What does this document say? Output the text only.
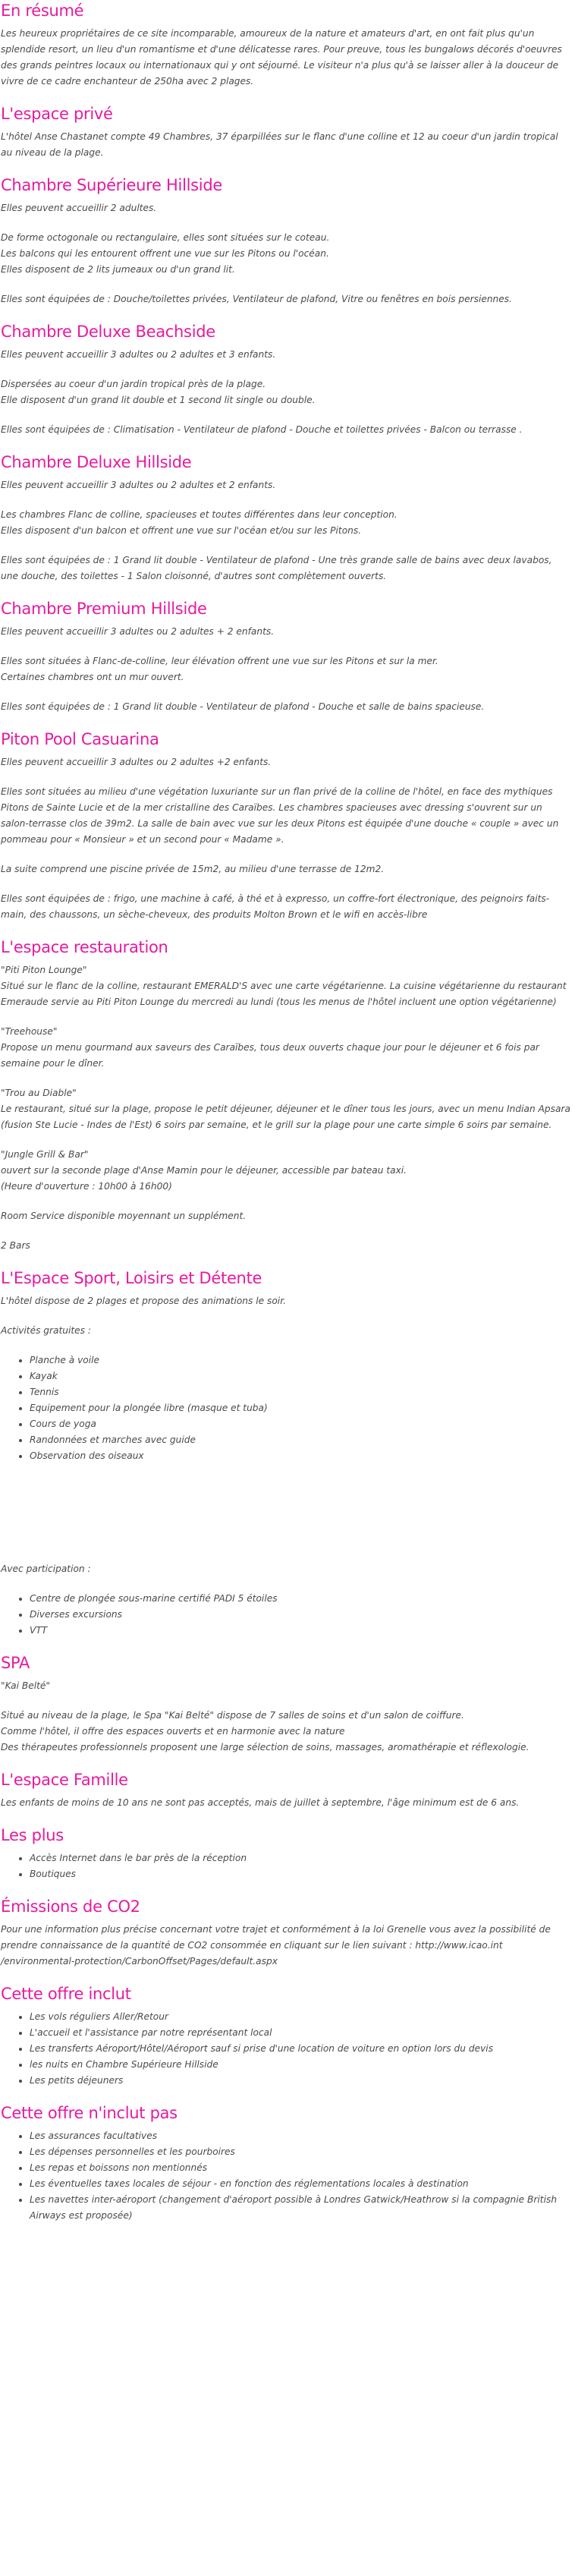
En résumé

Les heureux propriétaires de ce site incomparable, amoureux de la nature et amateurs d'art, en ont fait plus qu'un splendide resort, un lieu d'un romantisme et d'une délicatesse rares. Pour preuve, tous les bungalows décorés d'oeuvres des grands peintres locaux ou internationaux qui y ont séjourné. Le visiteur n'a plus qu'à se laisser aller à la douceur de vivre de ce cadre enchanteur de 250ha avec 2 plages.

L'espace privé

L'hôtel Anse Chastanet compte 49 Chambres, 37 éparpillées sur le flanc d'une colline et 12 au coeur d'un jardin tropical au niveau de la plage.

Chambre Supérieure Hillside

Elles peuvent accueillir 2 adultes.

De forme octogonale ou rectangulaire, elles sont situées sur le coteau.
Les balcons qui les entourent offrent une vue sur les Pitons ou l'océan.
Elles disposent de 2 lits jumeaux ou d'un grand lit.

Elles sont équipées de : Douche/toilettes privées, Ventilateur de plafond, Vitre ou fenêtres en bois persiennes.

Chambre Deluxe Beachside

Elles peuvent accueillir 3 adultes ou 2 adultes et 3 enfants.

Dispersées au coeur d'un jardin tropical près de la plage.
Elle disposent d'un grand lit double et 1 second lit single ou double.

Elles sont équipées de : Climatisation - Ventilateur de plafond - Douche et toilettes privées - Balcon ou terrasse .

Chambre Deluxe Hillside

Elles peuvent accueillir 3 adultes ou 2 adultes et 2 enfants.

Les chambres Flanc de colline, spacieuses et toutes différentes dans leur conception.
Elles disposent d'un balcon et offrent une vue sur l'océan et/ou sur les Pitons.

Elles sont équipées de : 1 Grand lit double - Ventilateur de plafond - Une très grande salle de bains avec deux lavabos, une douche, des toilettes - 1 Salon cloisonné, d'autres sont complètement ouverts.

Chambre Premium Hillside

Elles peuvent accueillir 3 adultes ou 2 adultes + 2 enfants.

Elles sont situées à Flanc-de-colline, leur élévation offrent une vue sur les Pitons et sur la mer.
Certaines chambres ont un mur ouvert.

Elles sont équipées de : 1 Grand lit double - Ventilateur de plafond - Douche et salle de bains spacieuse.

Piton Pool Casuarina

Elles peuvent accueillir 3 adultes ou 2 adultes +2 enfants.

Elles sont situées au milieu d'une végétation luxuriante sur un flan privé de la colline de l'hôtel, en face des mythiques Pitons de Sainte Lucie et de la mer cristalline des Caraïbes. Les chambres spacieuses avec dressing s'ouvrent sur un salon-terrasse clos de 39m2. La salle de bain avec vue sur les deux Pitons est équipée d'une douche « couple » avec un pommeau pour « Monsieur » et un second pour « Madame ».

La suite comprend une piscine privée de 15m2, au milieu d'une terrasse de 12m2.

Elles sont équipées de : frigo, une machine à café, à thé et à expresso, un coffre-fort électronique, des peignoirs faits-main, des chaussons, un sèche-cheveux, des produits Molton Brown et le wifi en accès-libre

L'espace restauration

"Piti Piton Lounge"
Situé sur le flanc de la colline, restaurant EMERALD'S avec une carte végétarienne. La cuisine végétarienne du restaurant Emeraude servie au Piti Piton Lounge du mercredi au lundi (tous les menus de l'hôtel incluent une option végétarienne)

"Treehouse"
Propose un menu gourmand aux saveurs des Caraïbes, tous deux ouverts chaque jour pour le déjeuner et 6 fois par semaine pour le dîner.

"Trou au Diable"
Le restaurant, situé sur la plage, propose le petit déjeuner, déjeuner et le dîner tous les jours, avec un menu Indian Apsara (fusion Ste Lucie - Indes de l'Est) 6 soirs par semaine, et le grill sur la plage pour une carte simple 6 soirs par semaine.

"Jungle Grill & Bar"
ouvert sur la seconde plage d'Anse Mamin pour le déjeuner, accessible par bateau taxi.
(Heure d'ouverture : 10h00 à 16h00)

Room Service disponible moyennant un supplément.

2 Bars

L'Espace Sport, Loisirs et Détente

L'hôtel dispose de 2 plages et propose des animations le soir.

Activités gratuites :

• Planche à voile
• Kayak
• Tennis
• Equipement pour la plongée libre (masque et tuba)
• Cours de yoga
• Randonnées et marches avec guide
• Observation des oiseaux

Avec participation :

• Centre de plongée sous-marine certifié PADI 5 étoiles
• Diverses excursions
• VTT
SPA

"Kai Belté"

Situé au niveau de la plage, le Spa "Kai Belté" dispose de 7 salles de soins et d'un salon de coiffure.
Comme l'hôtel, il offre des espaces ouverts et en harmonie avec la nature
Des thérapeutes professionnels proposent une large sélection de soins, massages, aromathérapie et réflexologie.

L'espace Famille

Les enfants de moins de 10 ans ne sont pas acceptés, mais de juillet à septembre, l'âge minimum est de 6 ans.

Les plus
• Accès Internet dans le bar près de la réception
• Boutiques
Émissions de CO2

Pour une information plus précise concernant votre trajet et conformément à la loi Grenelle vous avez la possibilité de prendre connaissance de la quantité de CO2 consommée en cliquant sur le lien suivant : http://www.icao.int /environmental-protection/CarbonOffset/Pages/default.aspx

Cette offre inclut
• Les vols réguliers Aller/Retour
• L'accueil et l'assistance par notre représentant local
• Les transferts Aéroport/Hôtel/Aéroport sauf si prise d'une location de voiture en option lors du devis
• les nuits en Chambre Supérieure Hillside
• Les petits déjeuners
Cette offre n'inclut pas
• Les assurances facultatives
• Les dépenses personnelles et les pourboires
• Les repas et boissons non mentionnés
• Les éventuelles taxes locales de séjour - en fonction des réglementations locales à destination
• Les navettes inter-aéroport (changement d'aéroport possible à Londres Gatwick/Heathrow si la compagnie British Airways est proposée)
